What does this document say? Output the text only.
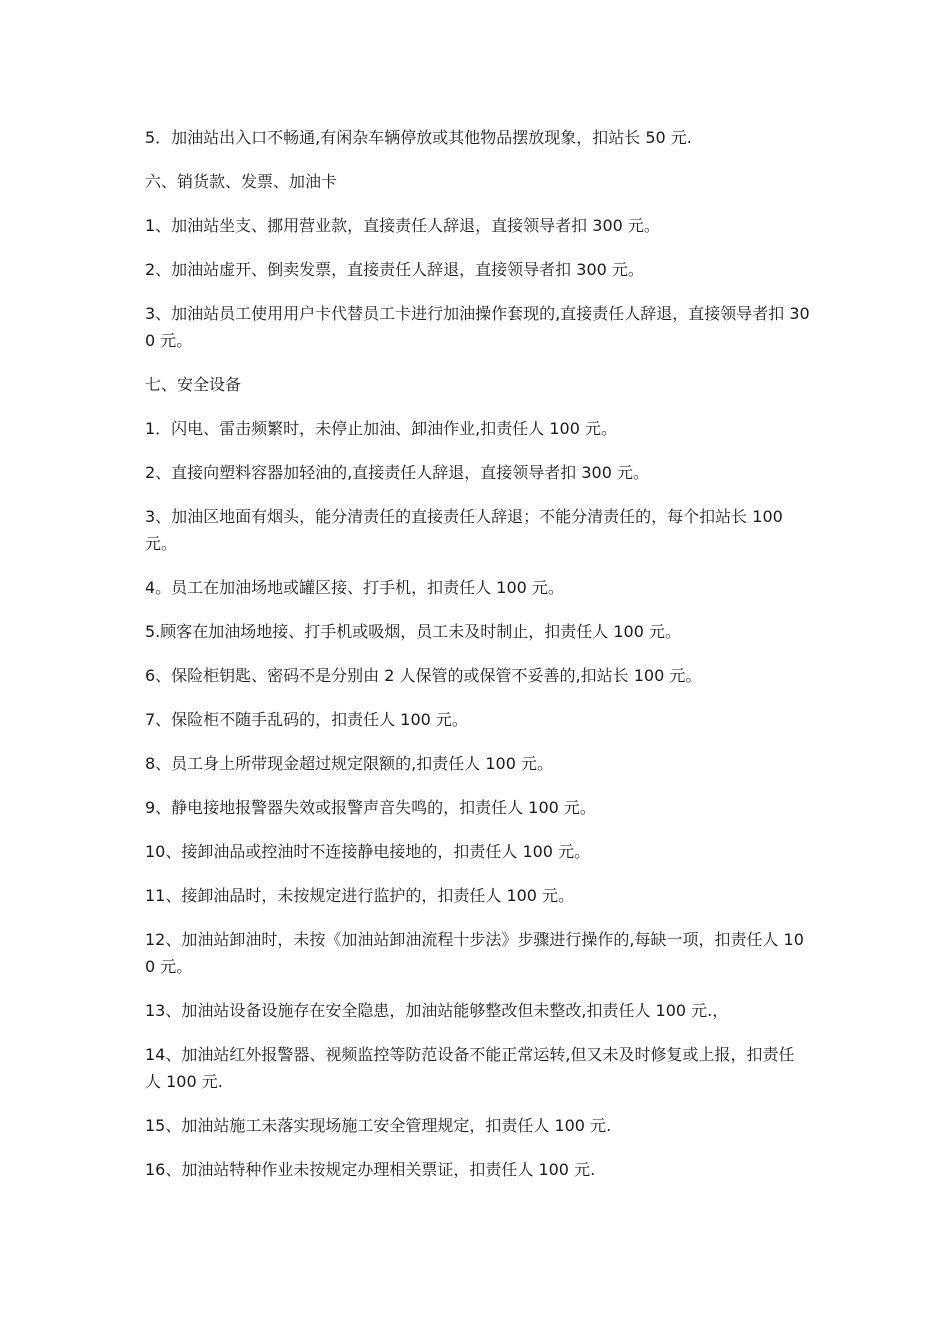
5．加油站出入口不畅通,有闲杂车辆停放或其他物品摆放现象，扣站长 50 元.

六、销货款、发票、加油卡

1、加油站坐支、挪用营业款，直接责任人辞退，直接领导者扣 300 元。

2、加油站虚开、倒卖发票，直接责任人辞退，直接领导者扣 300 元。

3、加油站员工使用用户卡代替员工卡进行加油操作套现的,直接责任人辞退，直接领导者扣 300 元。

七、安全设备

1．闪电、雷击频繁时，未停止加油、卸油作业,扣责任人 100 元。

2、直接向塑料容器加轻油的,直接责任人辞退，直接领导者扣 300 元。

3、加油区地面有烟头，能分清责任的直接责任人辞退；不能分清责任的，每个扣站长 100 元。

4。员工在加油场地或罐区接、打手机，扣责任人 100 元。

5.顾客在加油场地接、打手机或吸烟，员工未及时制止，扣责任人 100 元。

6、保险柜钥匙、密码不是分别由 2 人保管的或保管不妥善的,扣站长 100 元。

7、保险柜不随手乱码的，扣责任人 100 元。

8、员工身上所带现金超过规定限额的,扣责任人 100 元。

9、静电接地报警器失效或报警声音失鸣的，扣责任人 100 元。

10、接卸油品或控油时不连接静电接地的，扣责任人 100 元。

11、接卸油品时，未按规定进行监护的，扣责任人 100 元。

12、加油站卸油时，未按《加油站卸油流程十步法》步骤进行操作的,每缺一项，扣责任人 100 元。

13、加油站设备设施存在安全隐患，加油站能够整改但未整改,扣责任人 100 元.，

14、加油站红外报警器、视频监控等防范设备不能正常运转,但又未及时修复或上报，扣责任人 100 元.

15、加油站施工未落实现场施工安全管理规定，扣责任人 100 元.

16、加油站特种作业未按规定办理相关票证，扣责任人 100 元.
